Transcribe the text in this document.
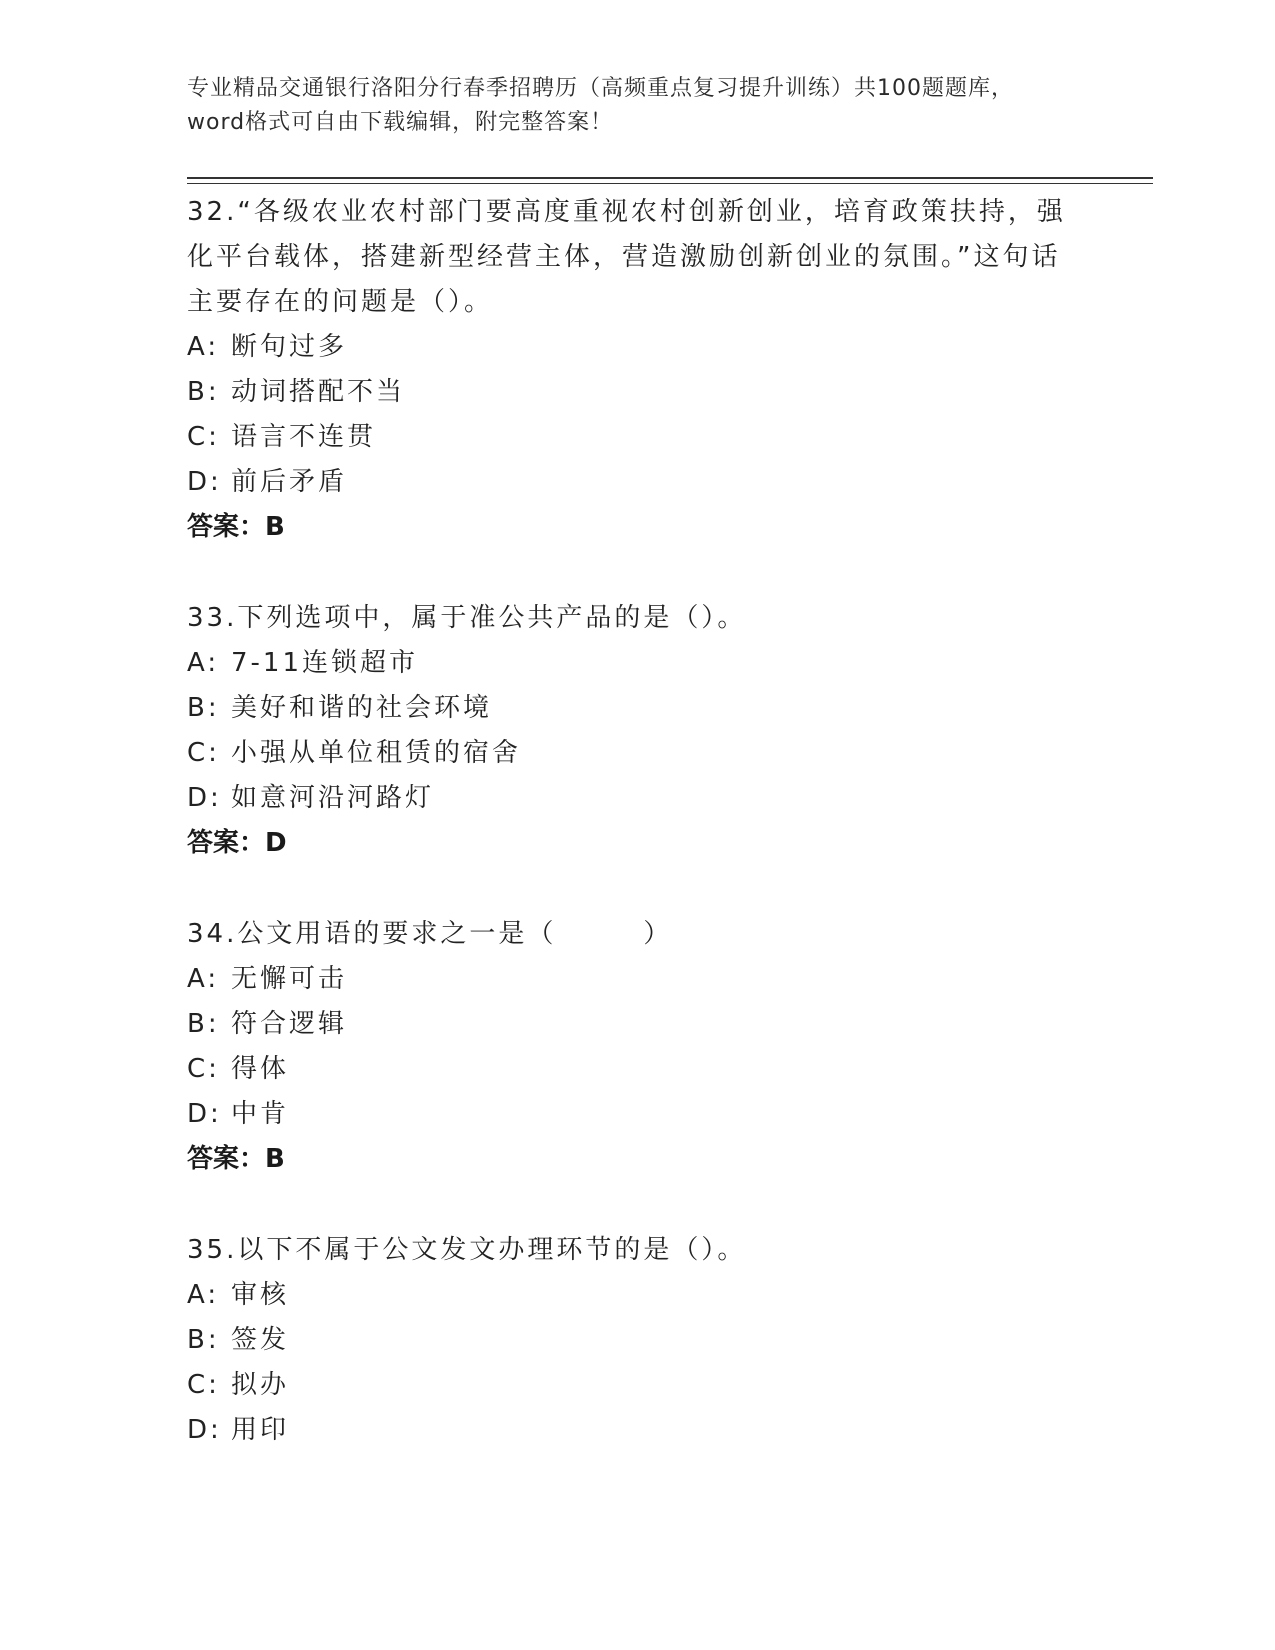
专业精品交通银行洛阳分行春季招聘历（高频重点复习提升训练）共100题题库，word格式可自由下载编辑，附完整答案！

32.“各级农业农村部门要高度重视农村创新创业，培育政策扶持，强化平台载体，搭建新型经营主体，营造激励创新创业的氛围。”这句话主要存在的问题是（）。

A: 断句过多

B: 动词搭配不当

C: 语言不连贯

D: 前后矛盾

答案：B

33.下列选项中，属于准公共产品的是（）。

A: 7-11连锁超市

B: 美好和谐的社会环境

C: 小强从单位租赁的宿舍

D: 如意河沿河路灯

答案：D

34.公文用语的要求之一是（　　　）

A: 无懈可击

B: 符合逻辑

C: 得体

D: 中肯

答案：B

35.以下不属于公文发文办理环节的是（）。

A: 审核

B: 签发

C: 拟办

D: 用印
